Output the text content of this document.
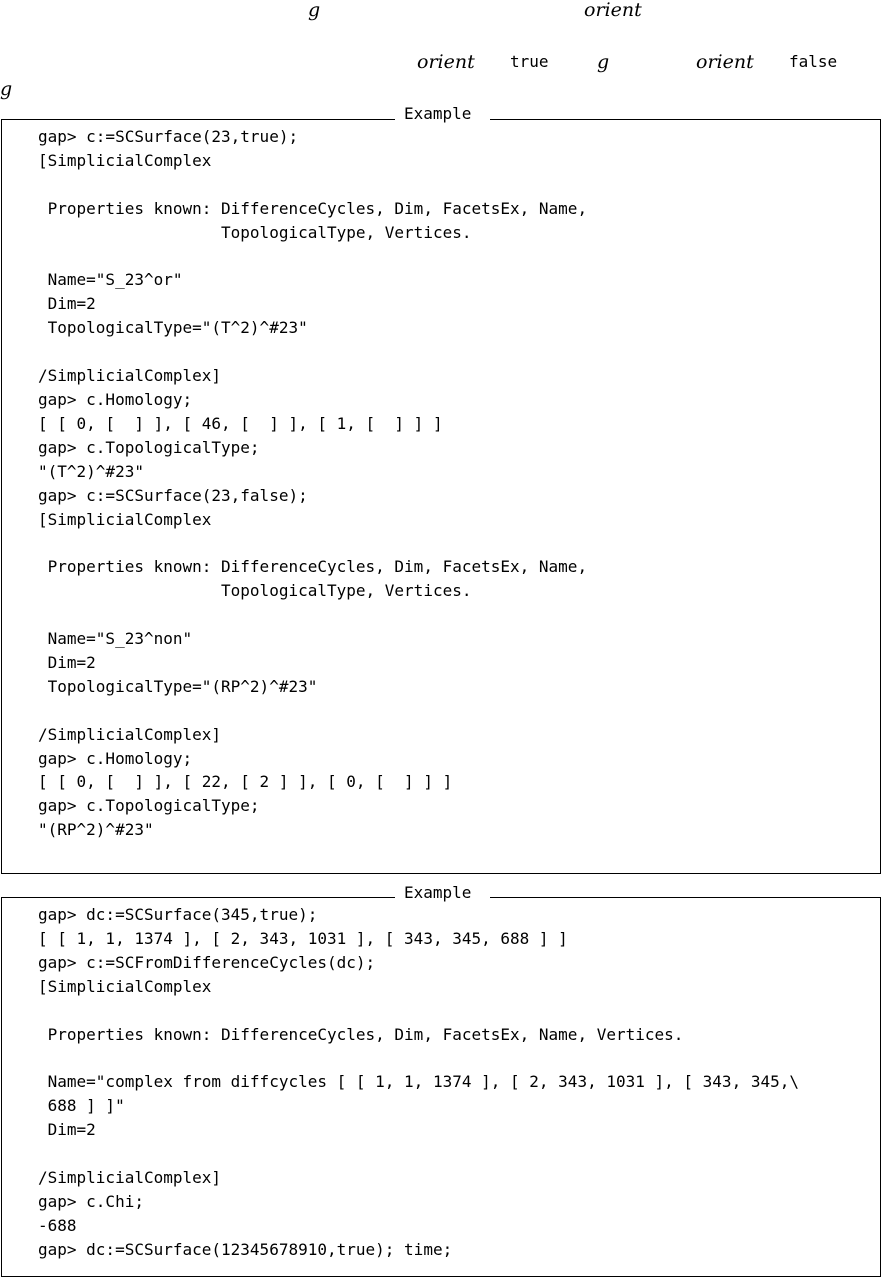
g	orient
orient true	g	orient false
g
Example
gap> c:=SCSurface(23,true);
[SimplicialComplex

Properties known: DifferenceCycles, Dim, FacetsEx, Name,
TopologicalType, Vertices.

Name="S_23^or"
Dim=2
TopologicalType="(T^2)^#23"

/SimplicialComplex]
gap> c.Homology;
[ [ 0, [  ] ], [ 46, [  ] ], [ 1, [  ] ] ]
gap> c.TopologicalType;
"(T^2)^#23"
gap> c:=SCSurface(23,false);
[SimplicialComplex

Properties known: DifferenceCycles, Dim, FacetsEx, Name,
TopologicalType, Vertices.

Name="S_23^non"
Dim=2
TopologicalType="(RP^2)^#23"

/SimplicialComplex]
gap> c.Homology;
[ [ 0, [  ] ], [ 22, [ 2 ] ], [ 0, [  ] ] ]
gap> c.TopologicalType;
"(RP^2)^#23"
Example
gap> dc:=SCSurface(345,true);
[ [ 1, 1, 1374 ], [ 2, 343, 1031 ], [ 343, 345, 688 ] ]
gap> c:=SCFromDifferenceCycles(dc);
[SimplicialComplex

Properties known: DifferenceCycles, Dim, FacetsEx, Name, Vertices.

Name="complex from diffcycles [ [ 1, 1, 1374 ], [ 2, 343, 1031 ], [ 343, 345,\
688 ] ]"
Dim=2

/SimplicialComplex]
gap> c.Chi;
-688
gap> dc:=SCSurface(12345678910,true); time;
